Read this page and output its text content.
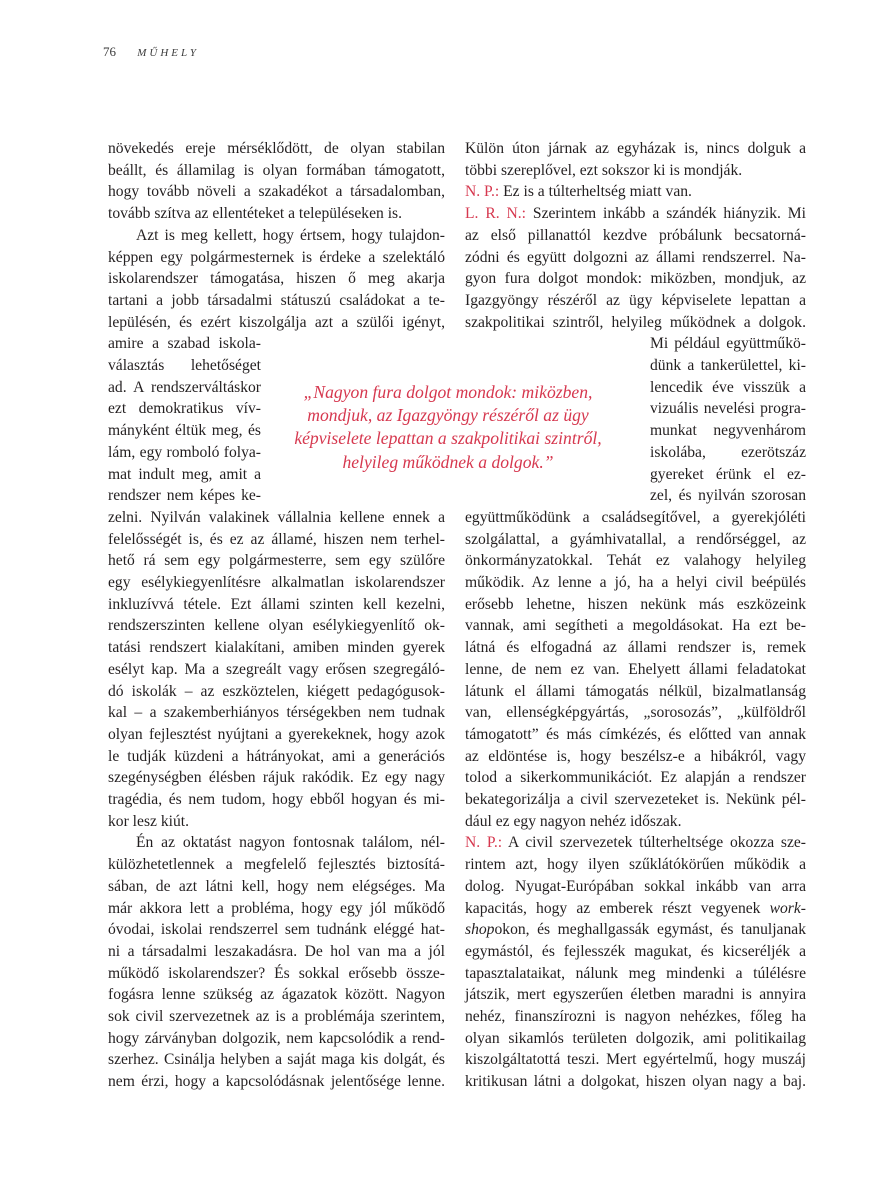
76 MŰHELY
növekedés ereje mérséklődött, de olyan stabilan
beállt, és államilag is olyan formában támogatott,
hogy tovább növeli a szakadékot a társadalomban,
tovább szítva az ellentéteket a településeken is.
Azt is meg kellett, hogy értsem, hogy tulajdon-
képpen egy polgármesternek is érdeke a szelektáló
iskolarendszer támogatása, hiszen ő meg akarja
tartani a jobb társadalmi státuszú családokat a te-
lepülésén, és ezért kiszolgálja azt a szülői igényt,
amire a szabad iskola-
választás lehetőséget
ad. A rendszerváltáskor
ezt demokratikus vív-
mányként éltük meg, és
lám, egy romboló folya-
mat indult meg, amit a
rendszer nem képes ke-
zelni. Nyilván valakinek vállalnia kellene ennek a
felelősségét is, és ez az államé, hiszen nem terhel-
hető rá sem egy polgármesterre, sem egy szülőre
egy esélykiegyenlítésre alkalmatlan iskolarendszer
inkluzívvá tétele. Ezt állami szinten kell kezelni,
rendszerszinten kellene olyan esélykiegyenlítő ok-
tatási rendszert kialakítani, amiben minden gyerek
esélyt kap. Ma a szegreált vagy erősen szegregáló-
dó iskolák – az eszköztelen, kiégett pedagógusok-
kal – a szakemberhiányos térségekben nem tudnak
olyan fejlesztést nyújtani a gyerekeknek, hogy azok
le tudják küzdeni a hátrányokat, ami a generációs
szegénységben élésben rájuk rakódik. Ez egy nagy
tragédia, és nem tudom, hogy ebből hogyan és mi-
kor lesz kiút.
Én az oktatást nagyon fontosnak találom, nél-
külözhetetlennek a megfelelő fejlesztés biztosítá-
sában, de azt látni kell, hogy nem elégséges. Ma
már akkora lett a probléma, hogy egy jól működő
óvodai, iskolai rendszerrel sem tudnánk eléggé hat-
ni a társadalmi leszakadásra. De hol van ma a jól
működő iskolarendszer? És sokkal erősebb össze-
fogásra lenne szükség az ágazatok között. Nagyon
sok civil szervezetnek az is a problémája szerintem,
hogy zárványban dolgozik, nem kapcsolódik a rend-
szerhez. Csinálja helyben a saját maga kis dolgát, és
nem érzi, hogy a kapcsolódásnak jelentősége lenne.
Külön úton járnak az egyházak is, nincs dolguk a
többi szereplővel, ezt sokszor ki is mondják.
N. P.: Ez is a túlterheltség miatt van.
L. R. N.: Szerintem inkább a szándék hiányzik. Mi
az első pillanattól kezdve próbálunk becsatorná-
zódni és együtt dolgozni az állami rendszerrel. Na-
gyon fura dolgot mondok: miközben, mondjuk, az
Igazgyöngy részéről az ügy képviselete lepattan a
szakpolitikai szintről, helyileg működnek a dolgok.
Mi például együttműkö-
dünk a tankerülettel, ki-
lencedik éve visszük a
vizuális nevelési progra-
munkat negyvenhárom
iskolába, ezerötszáz
gyereket érünk el ez-
zel, és nyilván szorosan
együttműködünk a családsegítővel, a gyerekjóléti
szolgálattal, a gyámhivatallal, a rendőrséggel, az
önkormányzatokkal. Tehát ez valahogy helyileg
működik. Az lenne a jó, ha a helyi civil beépülés
erősebb lehetne, hiszen nekünk más eszközeink
vannak, ami segítheti a megoldásokat. Ha ezt be-
látná és elfogadná az állami rendszer is, remek
lenne, de nem ez van. Ehelyett állami feladatokat
látunk el állami támogatás nélkül, bizalmatlanság
van, ellenségképgyártás, „sorosozás”, „külföldről
támogatott” és más címkézés, és előtted van annak
az eldöntése is, hogy beszélsz-e a hibákról, vagy
tolod a sikerkommunikációt. Ez alapján a rendszer
bekategorizálja a civil szervezeteket is. Nekünk pél-
dául ez egy nagyon nehéz időszak.
N. P.: A civil szervezetek túlterheltsége okozza sze-
rintem azt, hogy ilyen szűklátókörűen működik a
dolog. Nyugat-Európában sokkal inkább van arra
kapacitás, hogy az emberek részt vegyenek work-
shopokon, és meghallgassák egymást, és tanuljanak
egymástól, és fejlesszék magukat, és kicseréljék a
tapasztalataikat, nálunk meg mindenki a túlélésre
játszik, mert egyszerűen életben maradni is annyira
nehéz, finanszírozni is nagyon nehézkes, főleg ha
olyan sikamlós területen dolgozik, ami politikailag
kiszolgáltatottá teszi. Mert egyértelmű, hogy muszáj
kritikusan látni a dolgokat, hiszen olyan nagy a baj.
„Nagyon fura dolgot mondok: miközben,
mondjuk, az Igazgyöngy részéről az ügy
képviselete lepattan a szakpolitikai szintről,
helyileg működnek a dolgok.”
